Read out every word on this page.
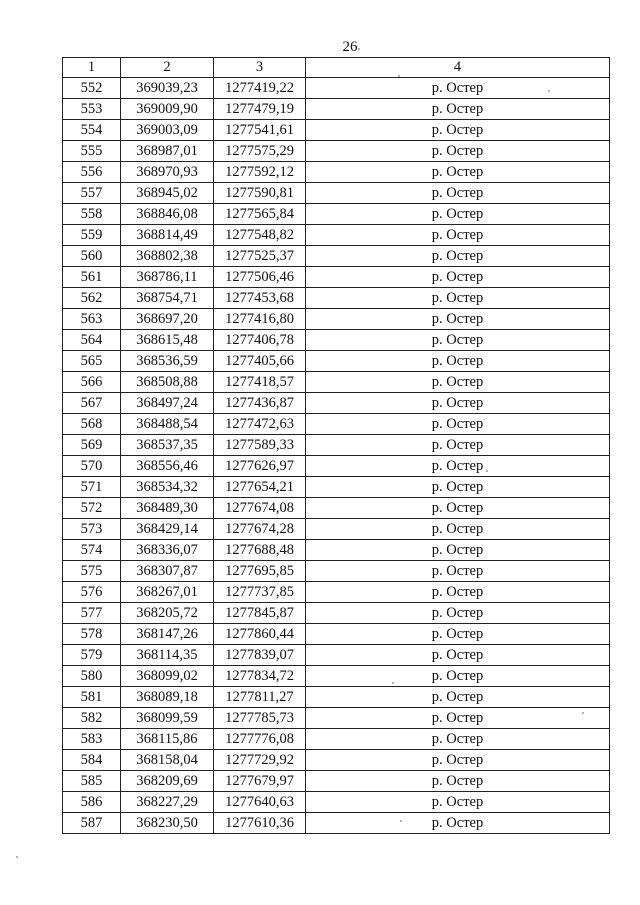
26
1	2	3	4
552	369039,23	1277419,22	р. Остер
553	369009,90	1277479,19	р. Остер
554	369003,09	1277541,61	р. Остер
555	368987,01	1277575,29	р. Остер
556	368970,93	1277592,12	р. Остер
557	368945,02	1277590,81	р. Остер
558	368846,08	1277565,84	р. Остер
559	368814,49	1277548,82	р. Остер
560	368802,38	1277525,37	р. Остер
561	368786,11	1277506,46	р. Остер
562	368754,71	1277453,68	р. Остер
563	368697,20	1277416,80	р. Остер
564	368615,48	1277406,78	р. Остер
565	368536,59	1277405,66	р. Остер
566	368508,88	1277418,57	р. Остер
567	368497,24	1277436,87	р. Остер
568	368488,54	1277472,63	р. Остер
569	368537,35	1277589,33	р. Остер
570	368556,46	1277626,97	р. Остер
571	368534,32	1277654,21	р. Остер
572	368489,30	1277674,08	р. Остер
573	368429,14	1277674,28	р. Остер
574	368336,07	1277688,48	р. Остер
575	368307,87	1277695,85	р. Остер
576	368267,01	1277737,85	р. Остер
577	368205,72	1277845,87	р. Остер
578	368147,26	1277860,44	р. Остер
579	368114,35	1277839,07	р. Остер
580	368099,02	1277834,72	р. Остер
581	368089,18	1277811,27	р. Остер
582	368099,59	1277785,73	р. Остер
583	368115,86	1277776,08	р. Остер
584	368158,04	1277729,92	р. Остер
585	368209,69	1277679,97	р. Остер
586	368227,29	1277640,63	р. Остер
587	368230,50	1277610,36	р. Остер
